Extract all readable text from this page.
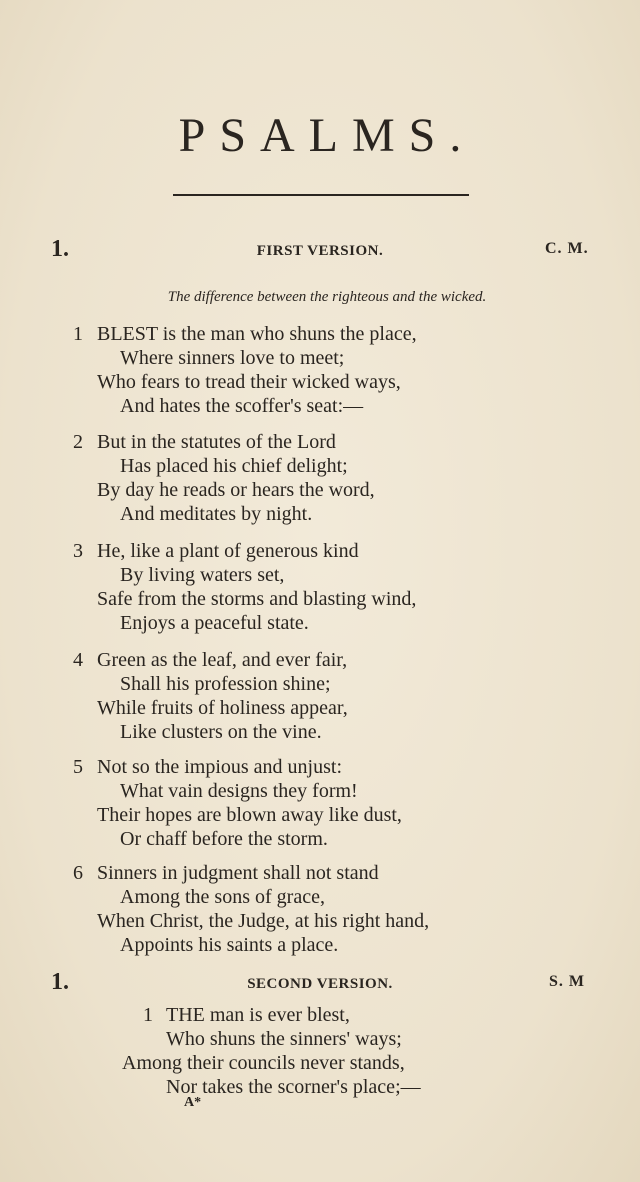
PSALMS.
1.	FIRST VERSION.	C. M.
The difference between the righteous and the wicked.
1 BLEST is the man who shuns the place,
Where sinners love to meet;
Who fears to tread their wicked ways,
And hates the scoffer's seat:—
2 But in the statutes of the Lord
Has placed his chief delight;
By day he reads or hears the word,
And meditates by night.
3 He, like a plant of generous kind
By living waters set,
Safe from the storms and blasting wind,
Enjoys a peaceful state.
4 Green as the leaf, and ever fair,
Shall his profession shine;
While fruits of holiness appear,
Like clusters on the vine.
5 Not so the impious and unjust:
What vain designs they form!
Their hopes are blown away like dust,
Or chaff before the storm.
6 Sinners in judgment shall not stand
Among the sons of grace,
When Christ, the Judge, at his right hand,
Appoints his saints a place.
1.	SECOND VERSION.	S. M
1 THE man is ever blest,
Who shuns the sinners' ways;
Among their councils never stands,
Nor takes the scorner's place;—
A*
